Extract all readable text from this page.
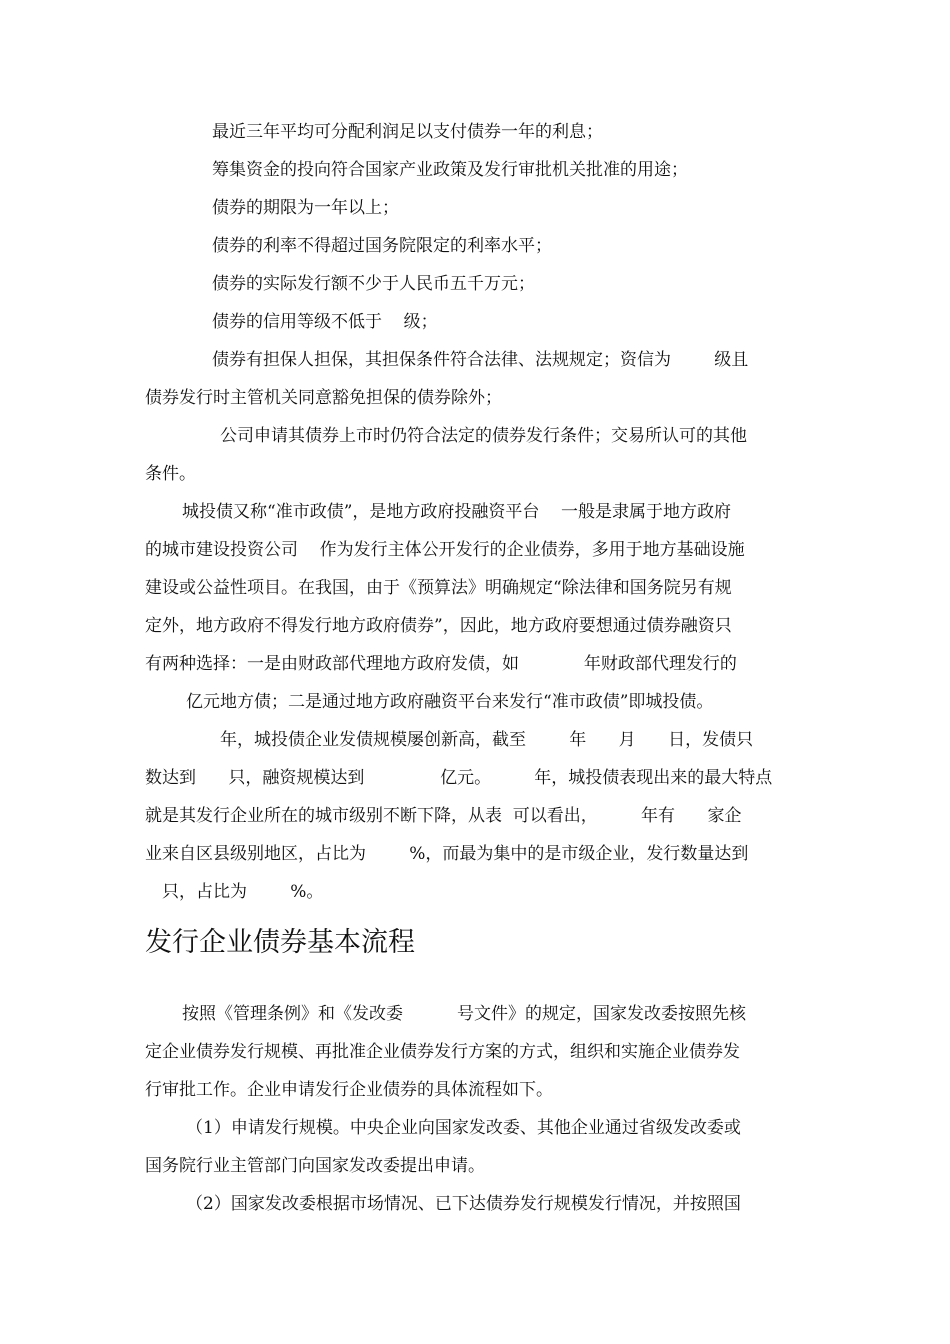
最近三年平均可分配利润足以支付债券一年的利息；
筹集资金的投向符合国家产业政策及发行审批机关批准的用途；
债券的期限为一年以上；
债券的利率不得超过国务院限定的利率水平；
债券的实际发行额不少于人民币五千万元；
债券的信用等级不低于    级；
债券有担保人担保，其担保条件符合法律、法规规定；资信为        级且
债券发行时主管机关同意豁免担保的债券除外；
公司申请其债券上市时仍符合法定的债券发行条件；交易所认可的其他
条件。
城投债又称“准市政债”，是地方政府投融资平台    一般是隶属于地方政府
的城市建设投资公司    作为发行主体公开发行的企业债券，多用于地方基础设施
建设或公益性项目。在我国，由于《预算法》明确规定“除法律和国务院另有规
定外，地方政府不得发行地方政府债券”，因此，地方政府要想通过债券融资只
有两种选择：一是由财政部代理地方政府发债，如            年财政部代理发行的
亿元地方债；二是通过地方政府融资平台来发行“准市政债”即城投债。
年，城投债企业发债规模屡创新高，截至        年      月      日，发债只
数达到      只，融资规模达到              亿元。        年，城投债表现出来的最大特点
就是其发行企业所在的城市级别不断下降，从表  可以看出，        年有      家企
业来自区县级别地区，占比为        %，而最为集中的是市级企业，发行数量达到
只，占比为        %。
发行企业债券基本流程
按照《管理条例》和《发改委          号文件》的规定，国家发改委按照先核
定企业债券发行规模、再批准企业债券发行方案的方式，组织和实施企业债券发
行审批工作。企业申请发行企业债券的具体流程如下。
（1）申请发行规模。中央企业向国家发改委、其他企业通过省级发改委或
国务院行业主管部门向国家发改委提出申请。
（2）国家发改委根据市场情况、已下达债券发行规模发行情况，并按照国
